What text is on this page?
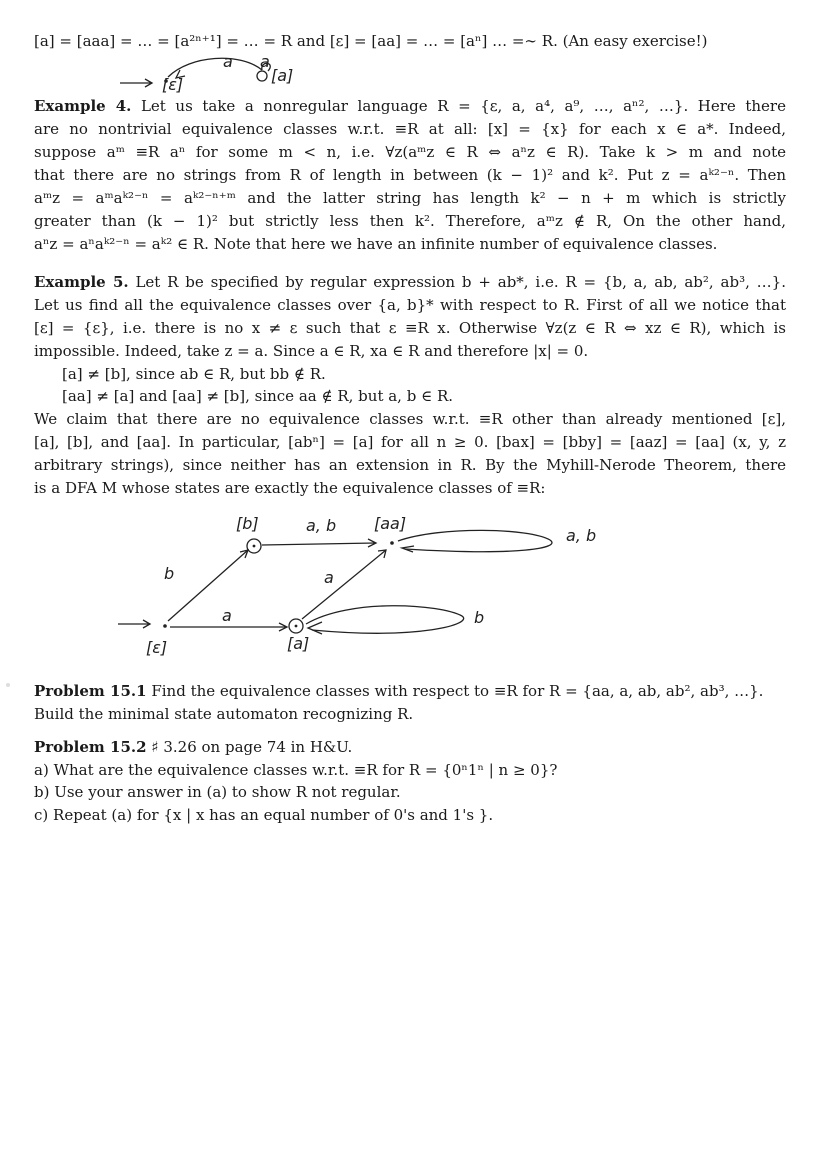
[a] = [aaa] = … = [a²ⁿ⁺¹] = … = R and [ε] = [aa] = … = [aⁿ] … =∼ R. (An easy exercise!)
[ε]	[a]
a a
Example 4. Let us take a nonregular language R = {ε, a, a⁴, a⁹, …, aⁿ², …}. Here there
are no nontrivial equivalence classes w.r.t. ≡R at all: [x] = {x} for each x ∈ a*. Indeed,
suppose aᵐ ≡R aⁿ for some m < n, i.e. ∀z(aᵐz ∈ R ⇔ aⁿz ∈ R). Take k > m and note
that there are no strings from R of length in between (k − 1)² and k². Put z = aᵏ²⁻ⁿ. Then
aᵐz = aᵐaᵏ²⁻ⁿ = aᵏ²⁻ⁿ⁺ᵐ and the latter string has length k² − n + m which is strictly
greater than (k − 1)² but strictly less then k². Therefore, aᵐz ∉ R, On the other hand,
aⁿz = aⁿaᵏ²⁻ⁿ = aᵏ² ∈ R. Note that here we have an infinite number of equivalence classes.
Example 5. Let R be specified by regular expression b + ab*, i.e. R = {b, a, ab, ab², ab³, …}.
Let us find all the equivalence classes over {a, b}* with respect to R. First of all we notice that
[ε] = {ε}, i.e. there is no x ≠ ε such that ε ≡R x. Otherwise ∀z(z ∈ R ⇔ xz ∈ R), which is
impossible. Indeed, take z = a. Since a ∈ R, xa ∈ R and therefore |x| = 0.
[a] ≠ [b], since ab ∈ R, but bb ∉ R.
[aa] ≠ [a] and [aa] ≠ [b], since aa ∉ R, but a, b ∈ R.
We claim that there are no equivalence classes w.r.t. ≡R other than already mentioned [ε],
[a], [b], and [aa]. In particular, [abⁿ] = [a] for all n ≥ 0. [bax] = [bby] = [aaz] = [aa] (x, y, z
arbitrary strings), since neither has an extension in R. By the Myhill-Nerode Theorem, there
is a DFA M whose states are exactly the equivalence classes of ≡R:
[b]	a, b [aa]
a, b
b	a
a	b
[ε]	[a]
Problem 15.1 Find the equivalence classes with respect to ≡R for R = {aa, a, ab, ab², ab³, …}.
Build the minimal state automaton recognizing R.
Problem 15.2 ♯ 3.26 on page 74 in H&U.
a) What are the equivalence classes w.r.t. ≡R for R = {0ⁿ1ⁿ | n ≥ 0}?
b) Use your answer in (a) to show R not regular.
c) Repeat (a) for {x | x has an equal number of 0's and 1's }.
